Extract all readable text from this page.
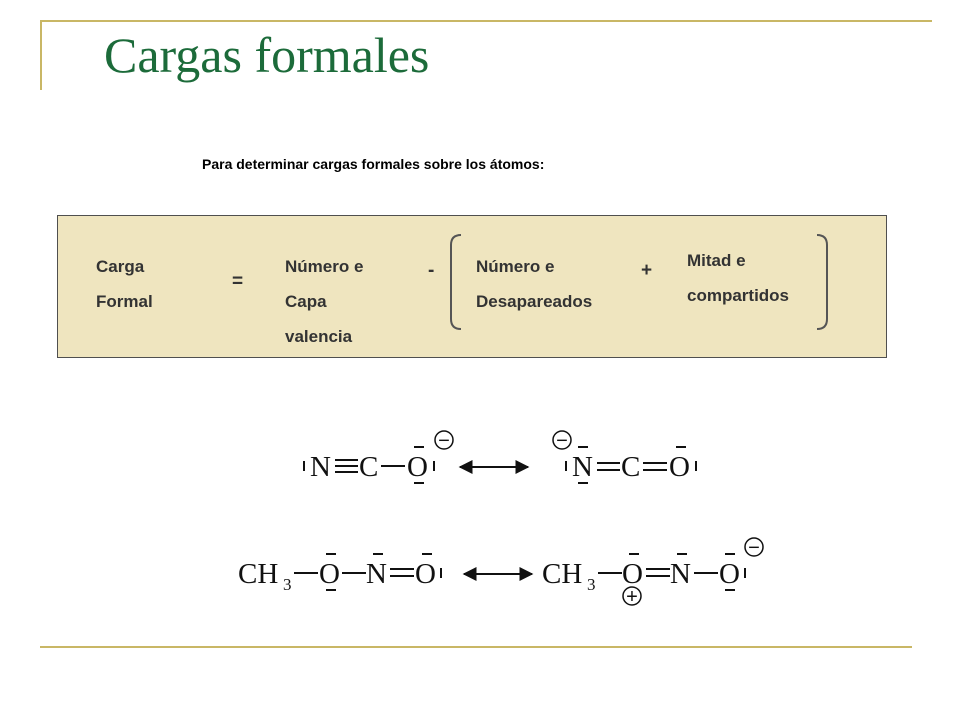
Cargas formales
Para determinar cargas formales sobre los átomos:
Carga
Formal
=
Número e
Capa
valencia
- Número e
Desapareados
+ Mitad e
compartidos
N C O
−	−
N C O
CH 3 O N O	CH 3 O
+
N O
−
